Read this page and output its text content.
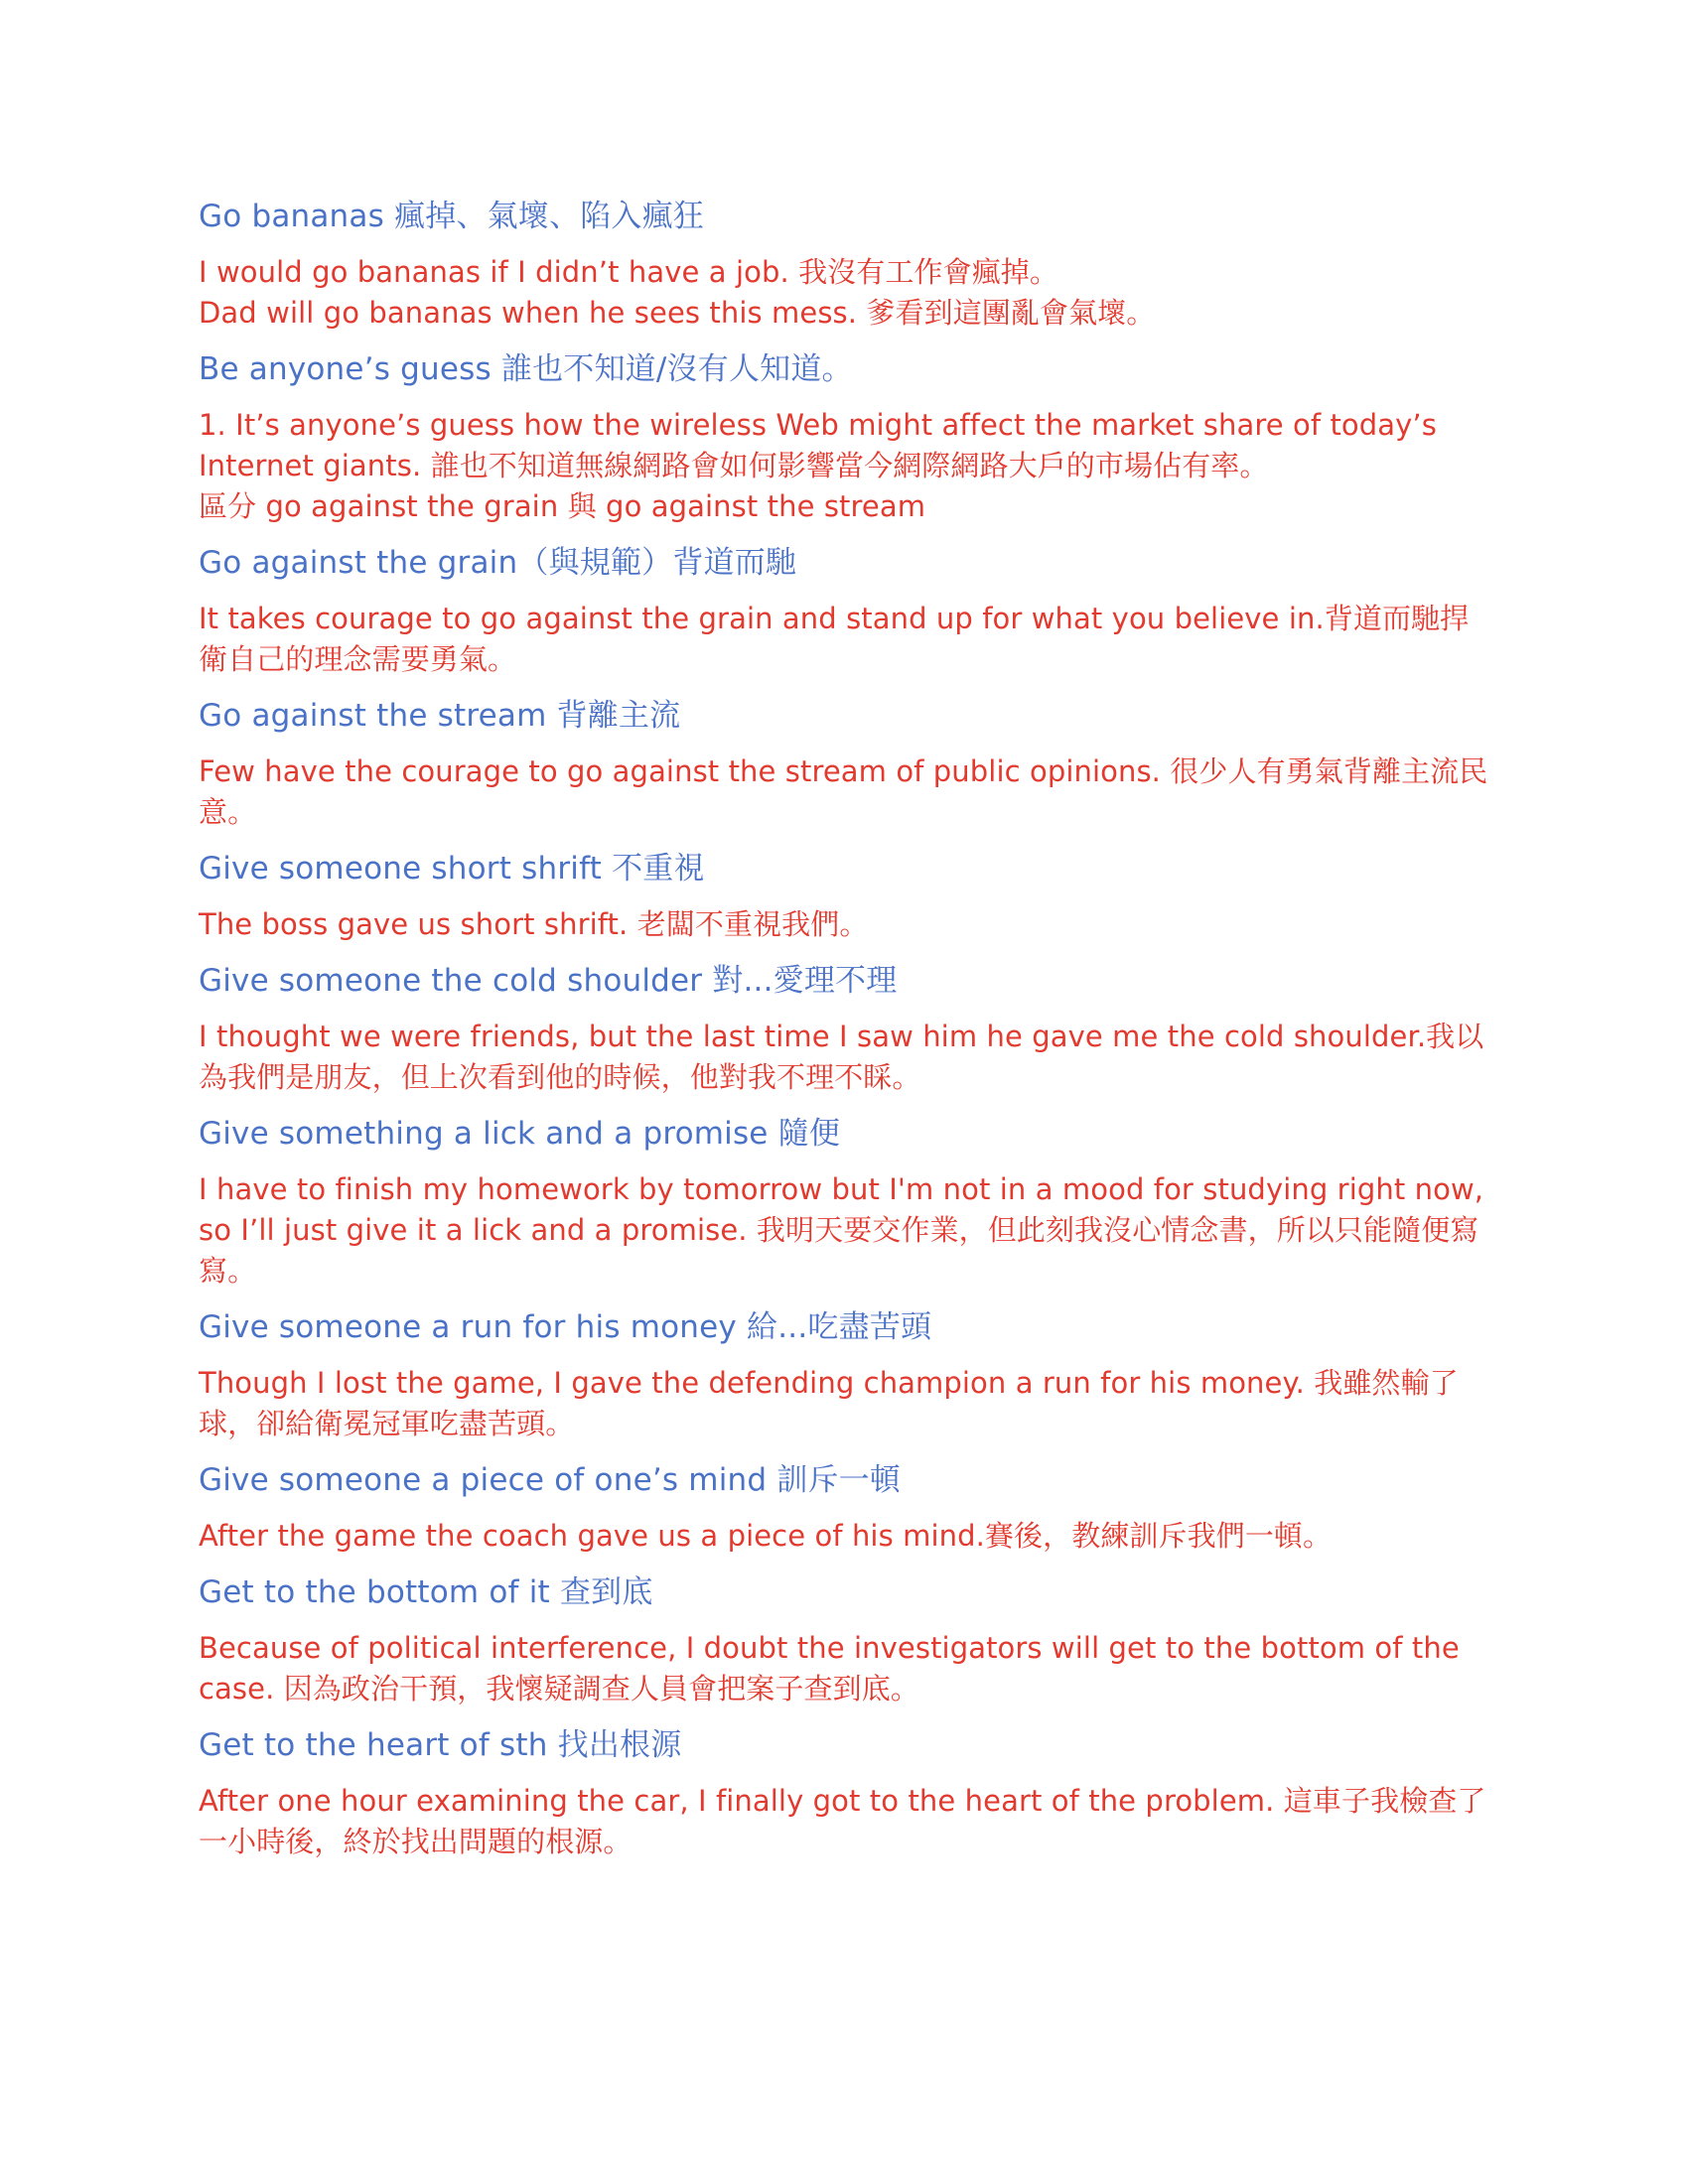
Go bananas 瘋掉、氣壞、陷入瘋狂

I would go bananas if I didn’t have a job. 我沒有工作會瘋掉。

Dad will go bananas when he sees this mess. 爹看到這團亂會氣壞。

Be anyone’s guess 誰也不知道/沒有人知道。

1. It’s anyone’s guess how the wireless Web might affect the market share of today’s Internet giants. 誰也不知道無線網路會如何影響當今網際網路大戶的市場佔有率。

區分 go against the grain 與 go against the stream

Go against the grain（與規範）背道而馳

It takes courage to go against the grain and stand up for what you believe in.背道而馳捍衛自己的理念需要勇氣。

Go against the stream 背離主流

Few have the courage to go against the stream of public opinions. 很少人有勇氣背離主流民意。

Give someone short shrift 不重視

The boss gave us short shrift. 老闆不重視我們。

Give someone the cold shoulder 對...愛理不理

I thought we were friends, but the last time I saw him he gave me the cold shoulder.我以為我們是朋友，但上次看到他的時候，他對我不理不睬。

Give something a lick and a promise 隨便

I have to finish my homework by tomorrow but I'm not in a mood for studying right now, so I’ll just give it a lick and a promise. 我明天要交作業，但此刻我沒心情念書，所以只能隨便寫寫。

Give someone a run for his money 給...吃盡苦頭

Though I lost the game, I gave the defending champion a run for his money. 我雖然輸了球，卻給衛冕冠軍吃盡苦頭。

Give someone a piece of one’s mind 訓斥一頓

After the game the coach gave us a piece of his mind.賽後，教練訓斥我們一頓。

Get to the bottom of it 查到底

Because of political interference, I doubt the investigators will get to the bottom of the case. 因為政治干預，我懷疑調查人員會把案子查到底。

Get to the heart of sth 找出根源

After one hour examining the car, I finally got to the heart of the problem. 這車子我檢查了一小時後，終於找出問題的根源。
